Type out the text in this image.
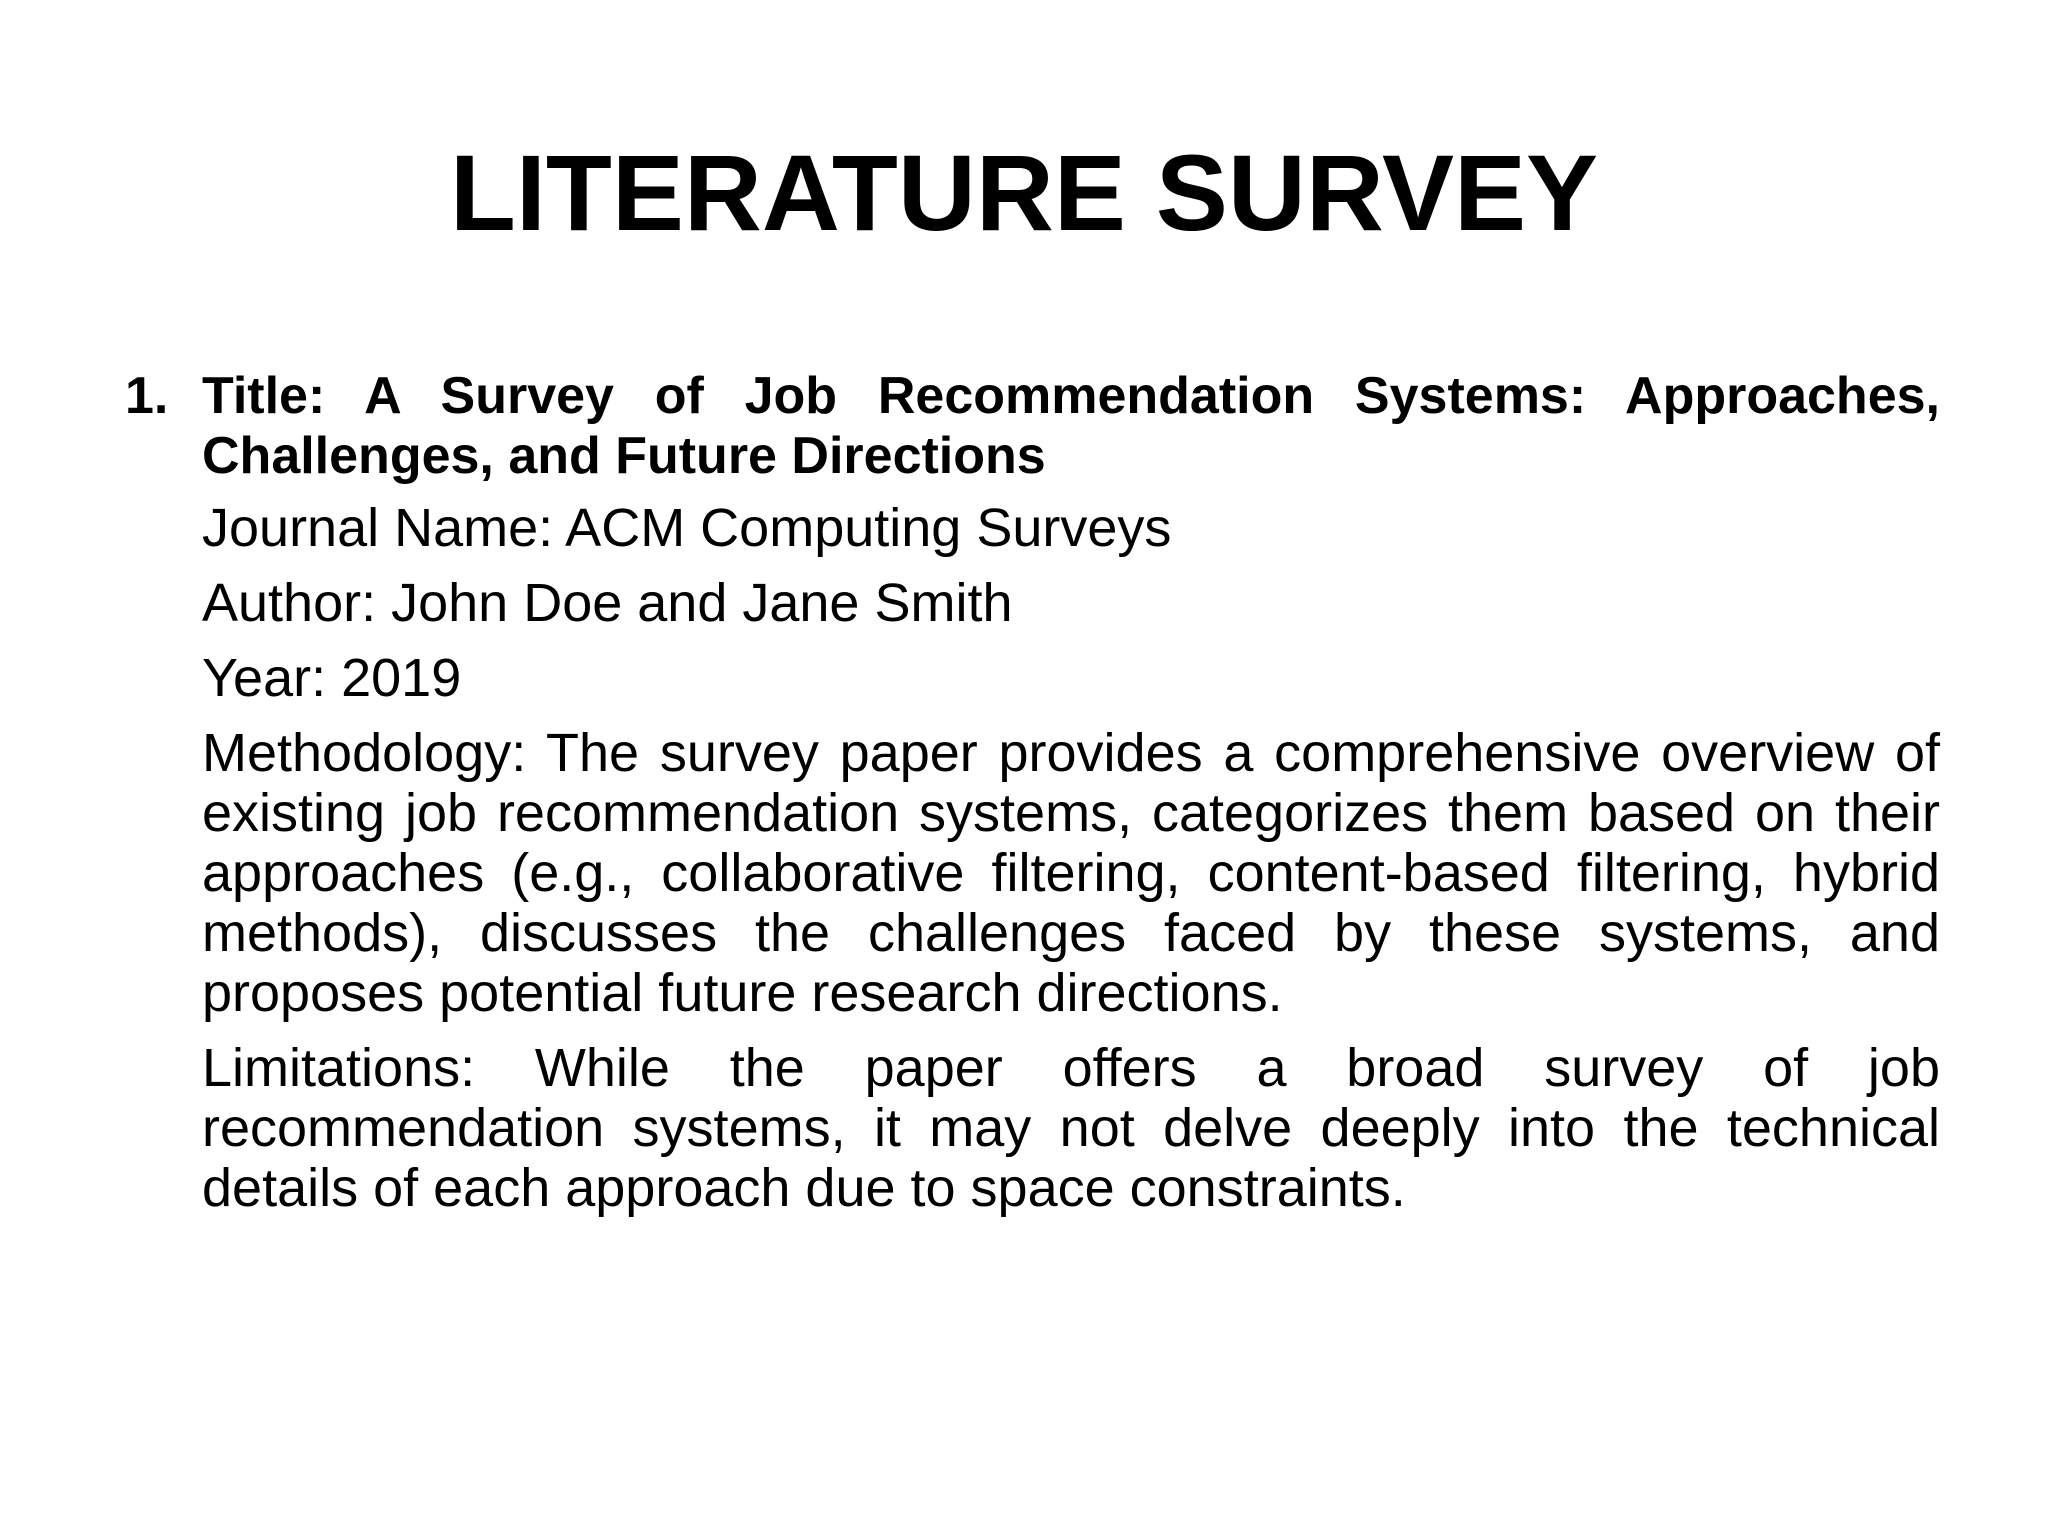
LITERATURE SURVEY
1. Title: A Survey of Job Recommendation Systems: Approaches, Challenges, and Future Directions
Journal Name: ACM Computing Surveys
Author: John Doe and Jane Smith
Year: 2019
Methodology: The survey paper provides a comprehensive overview of existing job recommendation systems, categorizes them based on their approaches (e.g., collaborative filtering, content-based filtering, hybrid methods), discusses the challenges faced by these systems, and proposes potential future research directions.
Limitations: While the paper offers a broad survey of job recommendation systems, it may not delve deeply into the technical details of each approach due to space constraints.
